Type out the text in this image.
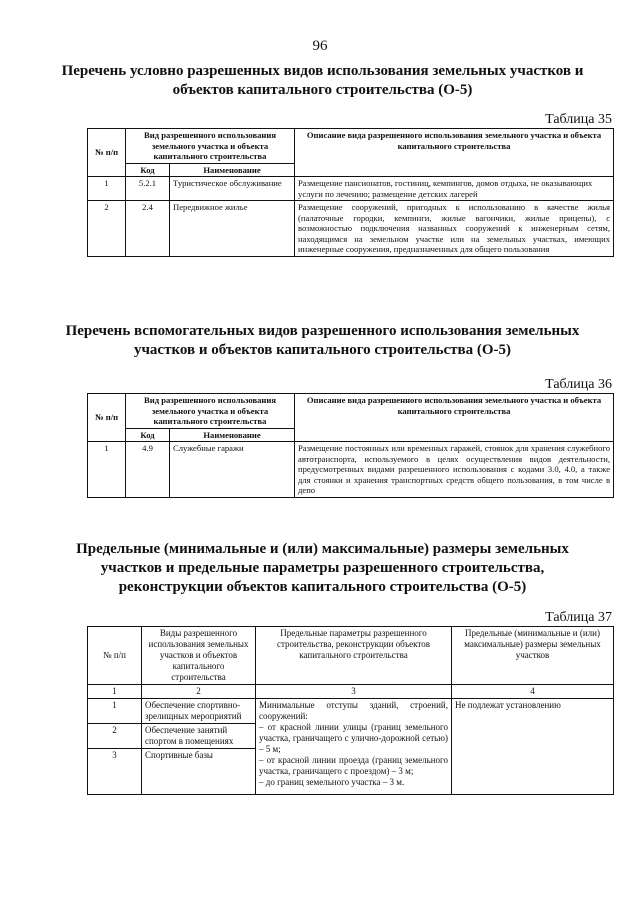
96
Перечень условно разрешенных видов использования земельных участков и объектов капитального строительства (О-5)
Таблица 35
№ п/п	Вид разрешенного использования земельного участка и объекта капитального строительства		Описание вида разрешенного использования земельного участка и объекта капитального строительства
	Код	Наименование	
1	5.2.1	Туристическое обслуживание	Размещение пансионатов, гостиниц, кемпингов, домов отдыха, не оказывающих услуги по лечению; размещение детских лагерей
2	2.4	Передвижное жилье	Размещение сооружений, пригодных к использованию в качестве жилья (палаточные городки, кемпинги, жилые вагончики, жилые прицепы), с возможностью подключения названных сооружений к инженерным сетям, находящимся на земельном участке или на земельных участках, имеющих инженерные сооружения, предназначенных для общего пользования
Перечень вспомогательных видов разрешенного использования земельных участков и объектов капитального строительства (О-5)
Таблица 36
№ п/п	Вид разрешенного использования земельного участка и объекта капитального строительства		Описание вида разрешенного использования земельного участка и объекта капитального строительства
	Код	Наименование	
1	4.9	Служебные гаражи	Размещение постоянных или временных гаражей, стоянок для хранения служебного автотранспорта, используемого в целях осуществления видов деятельности, предусмотренных видами разрешенного использования с кодами 3.0, 4.0, а также для стоянки и хранения транспортных средств общего пользования, в том числе в депо
Предельные (минимальные и (или) максимальные) размеры земельных участков и предельные параметры разрешенного строительства, реконструкции объектов капитального строительства (О-5)
Таблица 37
№ п/п	Виды разрешенного использования земельных участков и объектов капитального строительства	Предельные параметры разрешенного строительства, реконструкции объектов капитального строительства	Предельные (минимальные и (или) максимальные) размеры земельных участков
1	2	3	4
1	Обеспечение спортивно-зрелищных мероприятий	Минимальные отступы зданий, строений, сооружений:
– от красной линии улицы (границ земельного участка, граничащего с улично-дорожной сетью) – 5 м;
– от красной линии проезда (границ земельного участка, граничащего с проездом) – 3 м;
– до границ земельного участка – 3 м.	Не подлежат установлению
2	Обеспечение занятий спортом в помещениях		
3	Спортивные базы		
